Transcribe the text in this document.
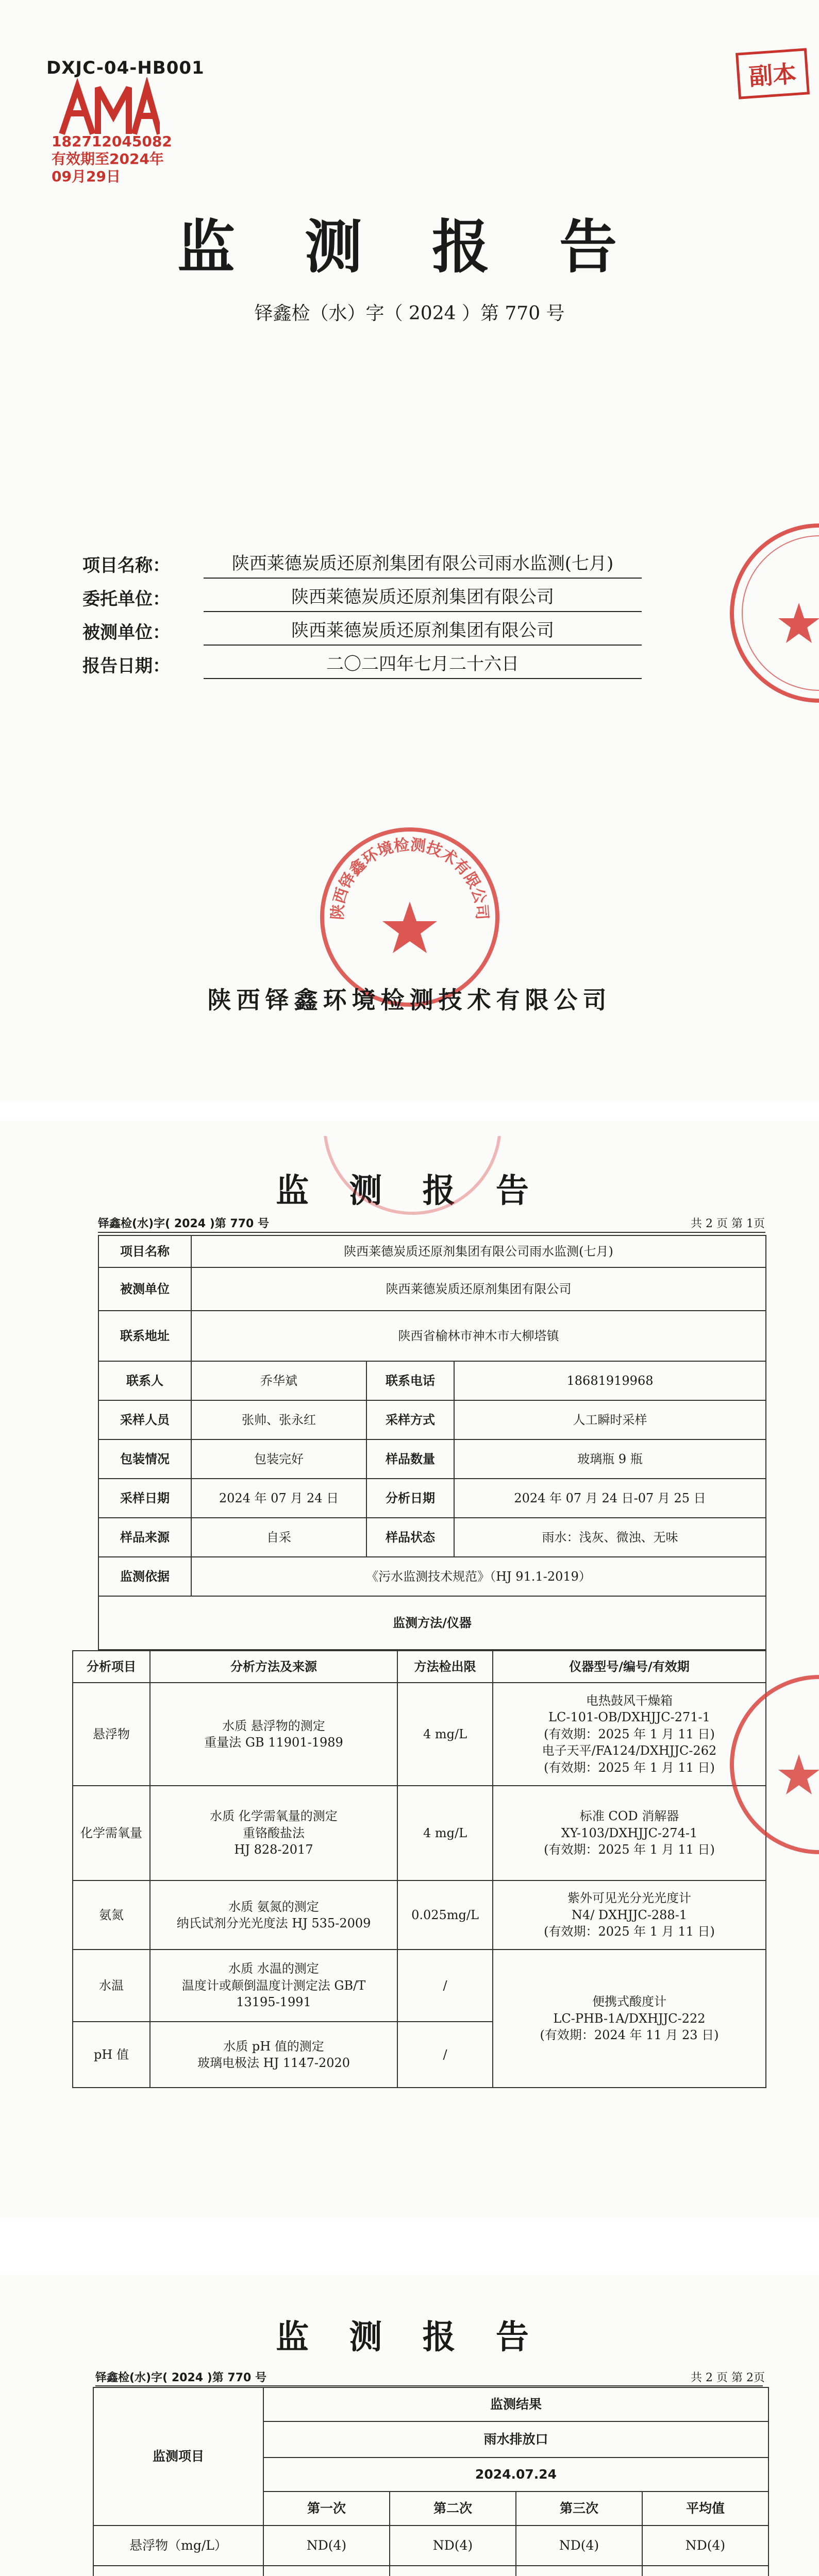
DXJC-04-HB001
182712045082
有效期至2024年09月29日
副本
监 测 报 告
铎鑫检（水）字（ 2024 ）第 770 号
项目名称：	陕西莱德炭质还原剂集团有限公司雨水监测(七月)
委托单位：	陕西莱德炭质还原剂集团有限公司
被测单位：	陕西莱德炭质还原剂集团有限公司
报告日期：	二〇二四年七月二十六日
陕西铎鑫环境检测技术有限公司
陕西铎鑫环境检测技术有限公司
监 测 报 告
铎鑫检(水)字( 2024 )第 770 号	共 2 页 第 1页
项目名称	陕西莱德炭质还原剂集团有限公司雨水监测(七月)		
被测单位	陕西莱德炭质还原剂集团有限公司		
联系地址	陕西省榆林市神木市大柳塔镇		
联系人	乔华斌	联系电话	18681919968
采样人员	张帅、张永红	采样方式	人工瞬时采样
包装情况	包装完好	样品数量	玻璃瓶 9 瓶
采样日期	2024 年 07 月 24 日	分析日期	2024 年 07 月 24 日-07 月 25 日
样品来源	自采	样品状态	雨水：浅灰、微浊、无味
监测依据	《污水监测技术规范》（HJ 91.1-2019）		
监测方法/仪器			
分析项目	分析方法及来源	方法检出限	仪器型号/编号/有效期
悬浮物	水质 悬浮物的测定
重量法 GB 11901-1989	4 mg/L	电热鼓风干燥箱
LC-101-OB/DXHJJC-271-1
(有效期：2025 年 1 月 11 日)
电子天平/FA124/DXHJJC-262
(有效期：2025 年 1 月 11 日)

化学需氧量	水质 化学需氧量的测定
重铬酸盐法
HJ 828-2017	4 mg/L	标准 COD 消解器
XY-103/DXHJJC-274-1
(有效期：2025 年 1 月 11 日)

氨氮	水质 氨氮的测定
纳氏试剂分光光度法 HJ 535-2009	0.025mg/L	紫外可见光分光光度计
N4/ DXHJJC-288-1
(有效期：2025 年 1 月 11 日)

水温	水质 水温的测定
温度计或颠倒温度计测定法 GB/T
13195-1991	/	便携式酸度计
LC-PHB-1A/DXHJJC-222
(有效期：2024 年 11 月 23 日)

pH 值	水质 pH 值的测定
玻璃电极法 HJ 1147-2020	/	
监 测 报 告
铎鑫检(水)字( 2024 )第 770 号	共 2 页 第 2页
监测项目	监测结果			
	雨水排放口			
	2024.07.24			
	第一次	第二次	第三次	平均值
悬浮物（mg/L）	ND(4)	ND(4)	ND(4)	ND(4)
